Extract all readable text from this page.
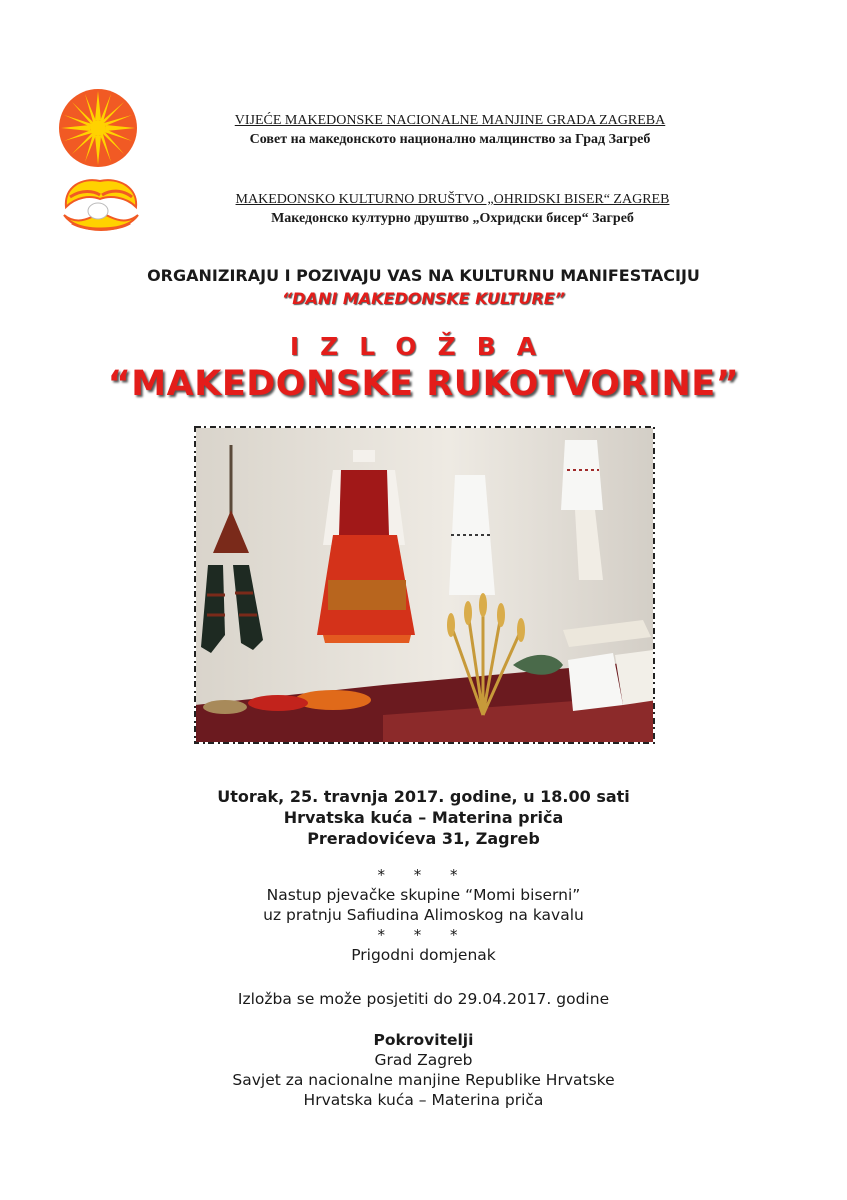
VIJEĆE MAKEDONSKE NACIONALNE MANJINE GRADA ZAGREBA
Совет на македонското национално малцинство за Град Загреб
MAKEDONSKO KULTURNO DRUŠTVO „OHRIDSKI BISER“ ZAGREB
Македонско културно друштво „Охридски бисер“ Загреб
ORGANIZIRAJU I POZIVAJU VAS NA KULTURNU MANIFESTACIJU
“DANI MAKEDONSKE KULTURE”
IZLOŽBA
“MAKEDONSKE RUKOTVORINE”
Utorak, 25. travnja 2017. godine, u 18.00 sati
Hrvatska kuća – Materina priča
Preradovićeva 31, Zagreb
* * *
Nastup pjevačke skupine “Momi biserni”
uz pratnju Safiudina Alimoskog na kavalu
* * *
Prigodni domjenak
Izložba se može posjetiti do 29.04.2017. godine
Pokrovitelji
Grad Zagreb
Savjet za nacionalne manjine Republike Hrvatske
Hrvatska kuća – Materina priča
